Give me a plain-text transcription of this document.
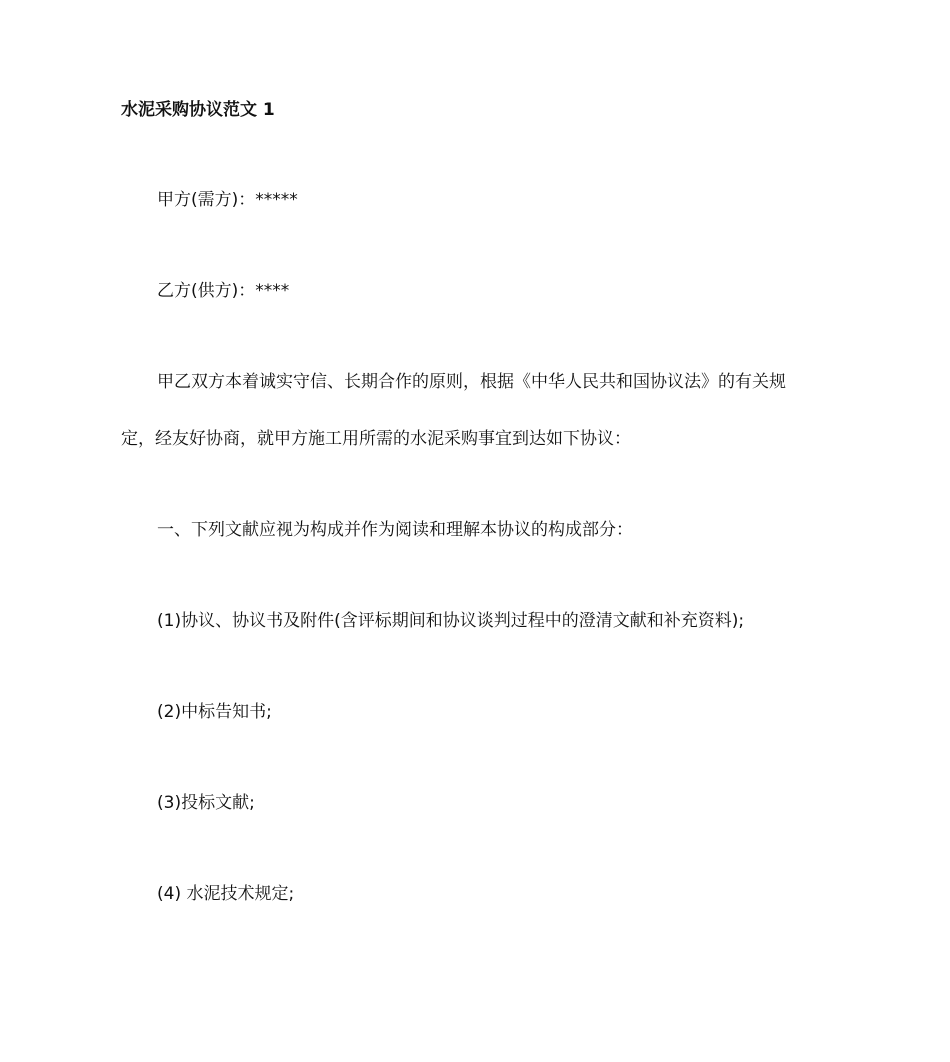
水泥采购协议范文 1
甲方(需方)：*****
乙方(供方)：****
甲乙双方本着诚实守信、长期合作的原则，根据《中华人民共和国协议法》的有关规
定，经友好协商，就甲方施工用所需的水泥采购事宜到达如下协议：
一、下列文献应视为构成并作为阅读和理解本协议的构成部分：
(1)协议、协议书及附件(含评标期间和协议谈判过程中的澄清文献和补充资料);
(2)中标告知书;
(3)投标文献;
(4) 水泥技术规定;
